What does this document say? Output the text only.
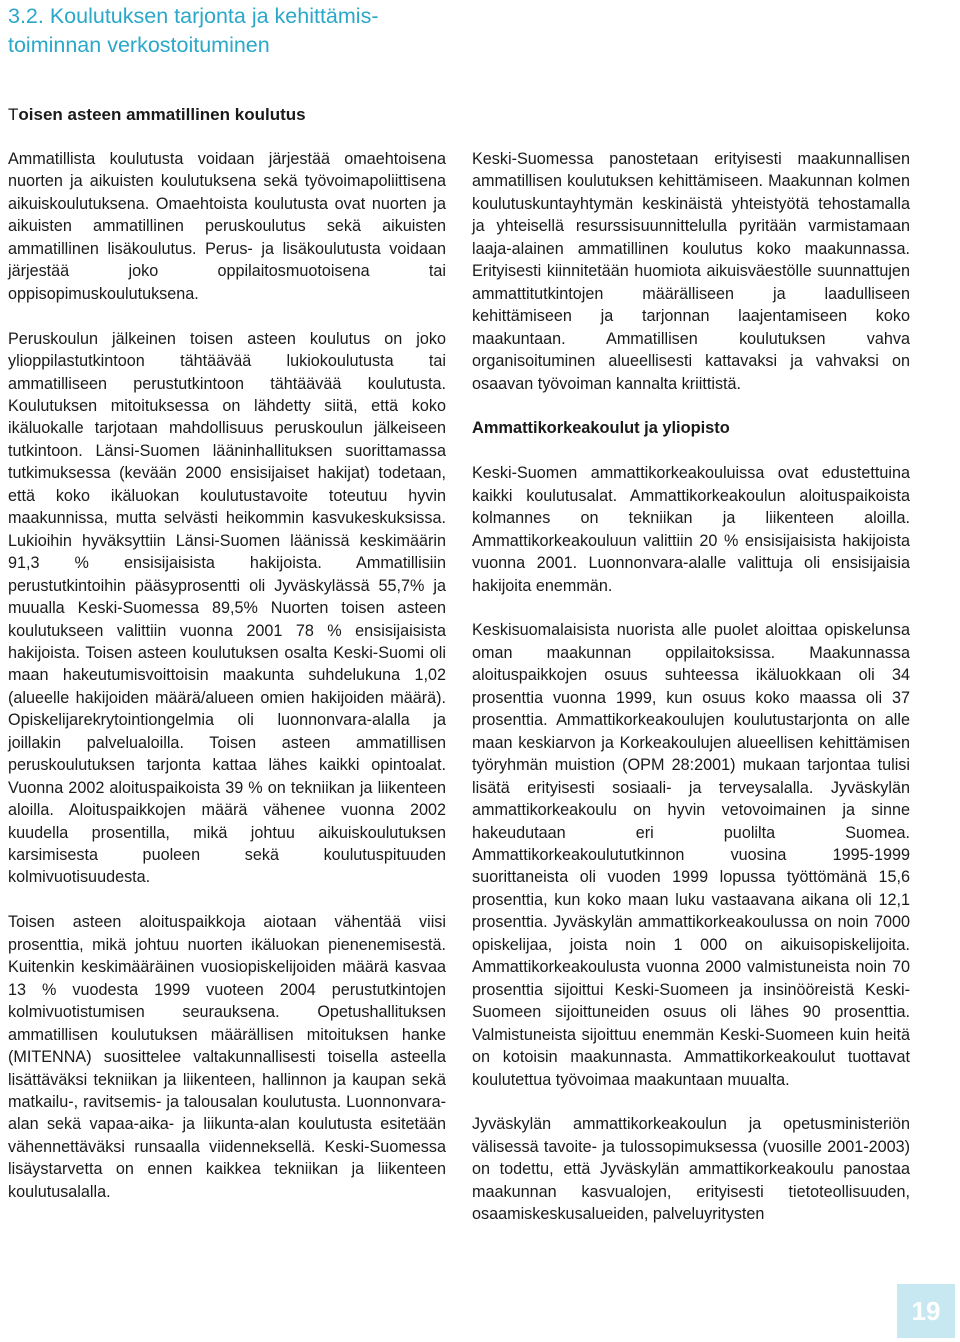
3.2. Koulutuksen tarjonta ja kehittämis-toiminnan verkostoituminen
Toisen asteen ammatillinen koulutus

Ammatillista koulutusta voidaan järjestää omaehtoisena nuorten ja aikuisten koulutuksena sekä työvoimapoliittisena aikuiskoulutuksena. Omaehtoista koulutusta ovat nuorten ja aikuisten ammatillinen peruskoulutus sekä aikuisten ammatillinen lisäkoulutus. Perus- ja lisäkoulutusta voidaan järjestää joko oppilaitosmuotoisena tai oppisopimuskoulutuksena.

Peruskoulun jälkeinen toisen asteen koulutus on joko ylioppilastutkintoon tähtäävää lukiokoulutusta tai ammatilliseen perustutkintoon tähtäävää koulutusta. Koulutuksen mitoituksessa on lähdetty siitä, että koko ikäluokalle tarjotaan mahdollisuus peruskoulun jälkeiseen tutkintoon. Länsi-Suomen lääninhallituksen suorittamassa tutkimuksessa (kevään 2000 ensisijaiset hakijat) todetaan, että koko ikäluokan koulutustavoite toteutuu hyvin maakunnissa, mutta selvästi heikommin kasvukeskuksissa. Lukioihin hyväksyttiin Länsi-Suomen läänissä keskimäärin 91,3 % ensisijaisista hakijoista. Ammatillisiin perustutkintoihin pääsyprosentti oli Jyväskylässä 55,7% ja muualla Keski-Suomessa 89,5% Nuorten toisen asteen koulutukseen valittiin vuonna 2001 78 % ensisijaisista hakijoista. Toisen asteen koulutuksen osalta Keski-Suomi oli maan hakeutumisvoittoisin maakunta suhdelukuna 1,02 (alueelle hakijoiden määrä/alueen omien hakijoiden määrä). Opiskelijarekrytointiongelmia oli luonnonvara-alalla ja joillakin palvelualoilla. Toisen asteen ammatillisen peruskoulutuksen tarjonta kattaa lähes kaikki opintoalat. Vuonna 2002 aloituspaikoista 39 % on tekniikan ja liikenteen aloilla. Aloituspaikkojen määrä vähenee vuonna 2002 kuudella prosentilla, mikä johtuu aikuiskoulutuksen karsimisesta puoleen sekä koulutuspituuden kolmivuotisuudesta.

Toisen asteen aloituspaikkoja aiotaan vähentää viisi prosenttia, mikä johtuu nuorten ikäluokan pienenemisestä. Kuitenkin keskimääräinen vuosiopiskelijoiden määrä kasvaa 13 % vuodesta 1999 vuoteen 2004 perustutkintojen kolmivuotistumisen seurauksena. Opetushallituksen ammatillisen koulutuksen määrällisen mitoituksen hanke (MITENNA) suosittelee valtakunnallisesti toisella asteella lisättäväksi tekniikan ja liikenteen, hallinnon ja kaupan sekä matkailu-, ravitsemis- ja talousalan koulutusta. Luonnonvara-alan sekä vapaa-aika- ja liikunta-alan koulutusta esitetään vähennettäväksi runsaalla viidenneksellä. Keski-Suomessa lisäystarvetta on ennen kaikkea tekniikan ja liikenteen koulutusalalla.

Keski-Suomessa panostetaan erityisesti maakunnallisen ammatillisen koulutuksen kehittämiseen. Maakunnan kolmen koulutuskuntayhtymän keskinäistä yhteistyötä tehostamalla ja yhteisellä resurssisuunnittelulla pyritään varmistamaan laaja-alainen ammatillinen koulutus koko maakunnassa. Erityisesti kiinnitetään huomiota aikuisväestölle suunnattujen ammattitutkintojen määrälliseen ja laadulliseen kehittämiseen ja tarjonnan laajentamiseen koko maakuntaan. Ammatillisen koulutuksen vahva organisoituminen alueellisesti kattavaksi ja vahvaksi on osaavan työvoiman kannalta kriittistä.

Ammattikorkeakoulut ja yliopisto

Keski-Suomen ammattikorkeakouluissa ovat edustettuina kaikki koulutusalat. Ammattikorkeakoulun aloituspaikoista kolmannes on tekniikan ja liikenteen aloilla. Ammattikorkeakouluun valittiin 20 % ensisijaisista hakijoista vuonna 2001. Luonnonvara-alalle valittuja oli ensisijaisia hakijoita enemmän.

Keskisuomalaisista nuorista alle puolet aloittaa opiskelunsa oman maakunnan oppilaitoksissa. Maakunnassa aloituspaikkojen osuus suhteessa ikäluokkaan oli 34 prosenttia vuonna 1999, kun osuus koko maassa oli 37 prosenttia. Ammattikorkeakoulujen koulutustarjonta on alle maan keskiarvon ja Korkeakoulujen alueellisen kehittämisen työryhmän muistion (OPM 28:2001) mukaan tarjontaa tulisi lisätä erityisesti sosiaali- ja terveysalalla. Jyväskylän ammattikorkeakoulu on hyvin vetovoimainen ja sinne hakeudutaan eri puolilta Suomea. Ammattikorkeakoulututkinnon vuosina 1995-1999 suorittaneista oli vuoden 1999 lopussa työttömänä 15,6 prosenttia, kun koko maan luku vastaavana aikana oli 12,1 prosenttia. Jyväskylän ammattikorkeakoulussa on noin 7000 opiskelijaa, joista noin 1 000 on aikuisopiskelijoita. Ammattikorkeakoulusta vuonna 2000 valmistuneista noin 70 prosenttia sijoittui Keski-Suomeen ja insinööreistä Keski-Suomeen sijoittuneiden osuus oli lähes 90 prosenttia. Valmistuneista sijoittuu enemmän Keski-Suomeen kuin heitä on kotoisin maakunnasta. Ammattikorkeakoulut tuottavat koulutettua työvoimaa maakuntaan muualta.

Jyväskylän ammattikorkeakoulun ja opetusministeriön välisessä tavoite- ja tulossopimuksessa (vuosille 2001-2003) on todettu, että Jyväskylän ammattikorkeakoulu panostaa maakunnan kasvualojen, erityisesti tietoteollisuuden, osaamiskeskusalueiden, palveluyritysten

19
